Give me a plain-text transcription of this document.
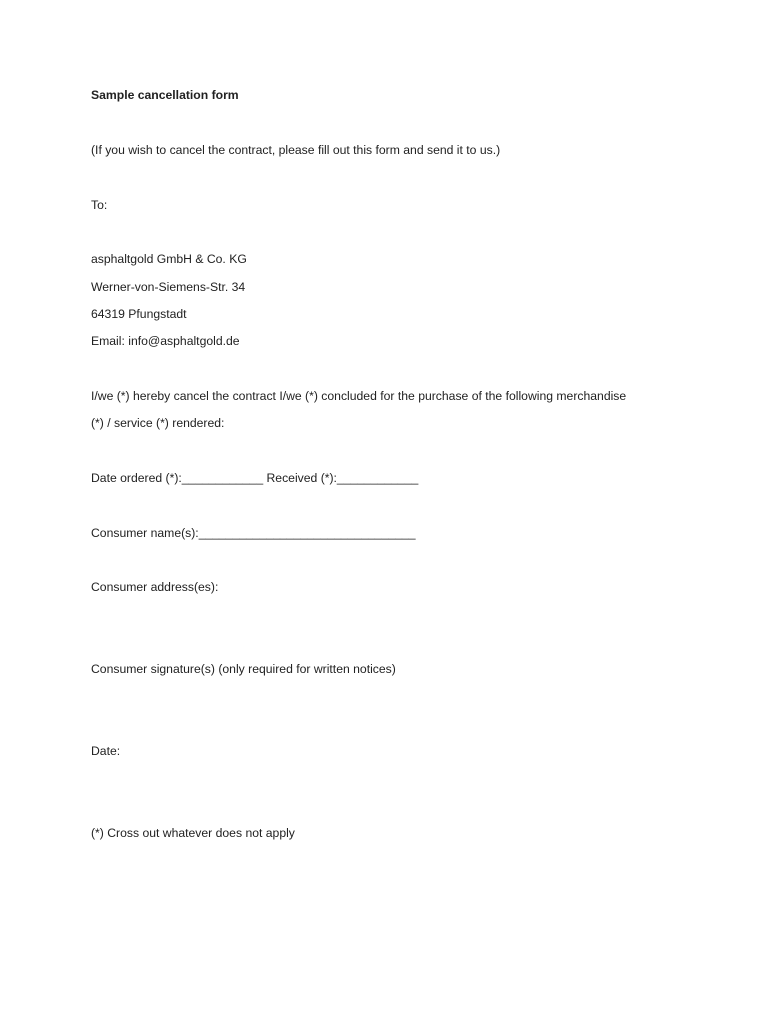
Sample cancellation form
(If you wish to cancel the contract, please fill out this form and send it to us.)
To:
asphaltgold GmbH & Co. KG
Werner-von-Siemens-Str. 34
64319 Pfungstadt
Email: info@asphaltgold.de
I/we (*) hereby cancel the contract I/we (*) concluded for the purchase of the following merchandise
(*) / service (*) rendered:
Date ordered (*):____________ Received (*):____________
Consumer name(s):________________________________
Consumer address(es):
Consumer signature(s) (only required for written notices)
Date:
(*) Cross out whatever does not apply
